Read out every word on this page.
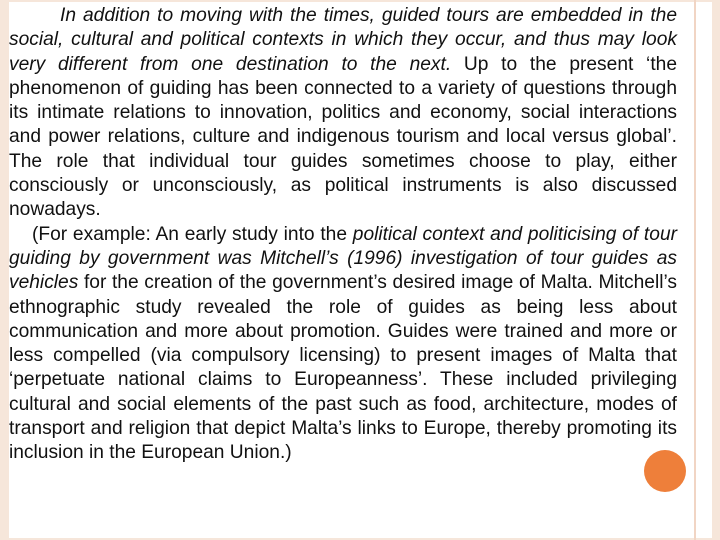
In addition to moving with the times, guided tours are embedded in the social, cultural and political contexts in which they occur, and thus may look very different from one destination to the next. Up to the present ‘the phenomenon of guiding has been connected to a variety of questions through its intimate relations to innovation, politics and economy, social interactions and power relations, culture and indigenous tourism and local versus global’. The role that individual tour guides sometimes choose to play, either consciously or unconsciously, as political instruments is also discussed nowadays.

(For example: An early study into the political context and politicising of tour guiding by government was Mitchell’s (1996) investigation of tour guides as vehicles for the creation of the government’s desired image of Malta. Mitchell’s ethnographic study revealed the role of guides as being less about communication and more about promotion. Guides were trained and more or less compelled (via compulsory licensing) to present images of Malta that ‘perpetuate national claims to Europeanness’. These included privileging cultural and social elements of the past such as food, architecture, modes of transport and religion that depict Malta’s links to Europe, thereby promoting its inclusion in the European Union.)
